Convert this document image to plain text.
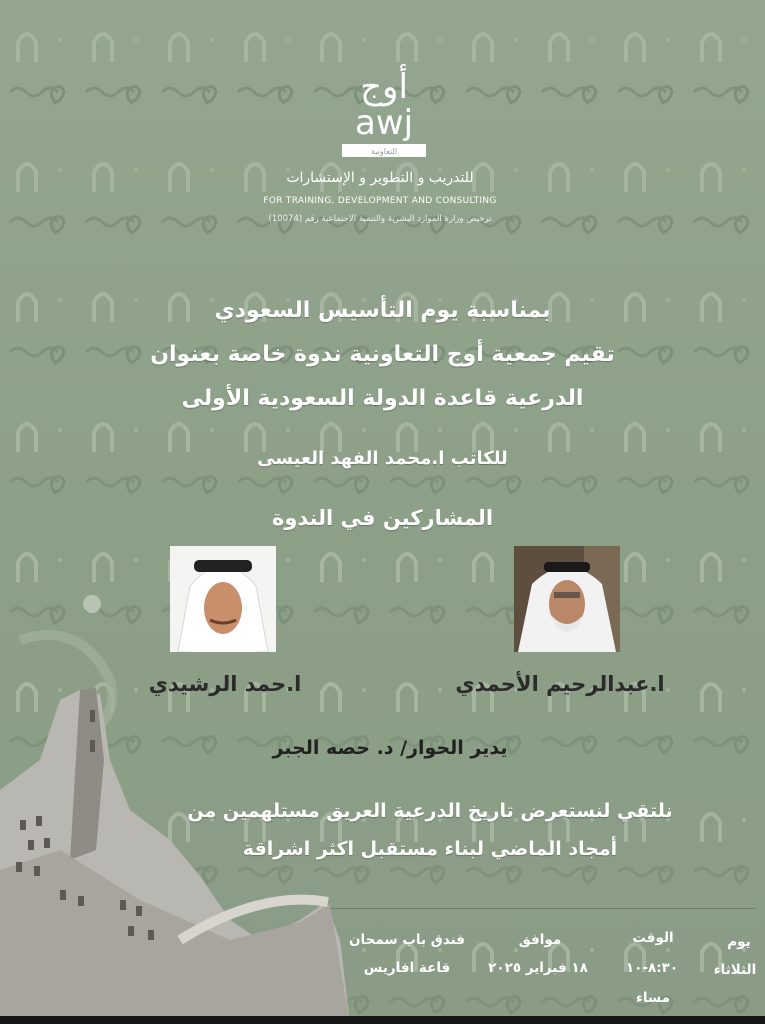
أوج
awj
التعاونية
للتدريب و التطوير و الإستشارات
FOR TRAINING, DEVELOPMENT AND CONSULTING
ترخيص وزارة الموارد البشرية والتنمية الاجتماعية رقم (10074)
بمناسبة يوم التأسيس السعودي
تقيم جمعية أوج التعاونية ندوة خاصة بعنوان
الدرعية قاعدة الدولة السعودية الأولى
للكاتب ا.محمد الفهد العيسى
المشاركين في الندوة
ا.حمد الرشيدي	ا.عبدالرحيم الأحمدي
يدير الحوار/ د. حصه الجبر
نلتقي لنستعرض تاريخ الدرعية العريق مستلهمين من
أمجاد الماضي لبناء مستقبل اكثر اشراقة
يوم
الثلاثاء
الوقت
٨:٣٠-١٠
مساء
موافق
١٨ فبراير ٢٠٢٥
فندق باب سمحان
قاعة افاريس
